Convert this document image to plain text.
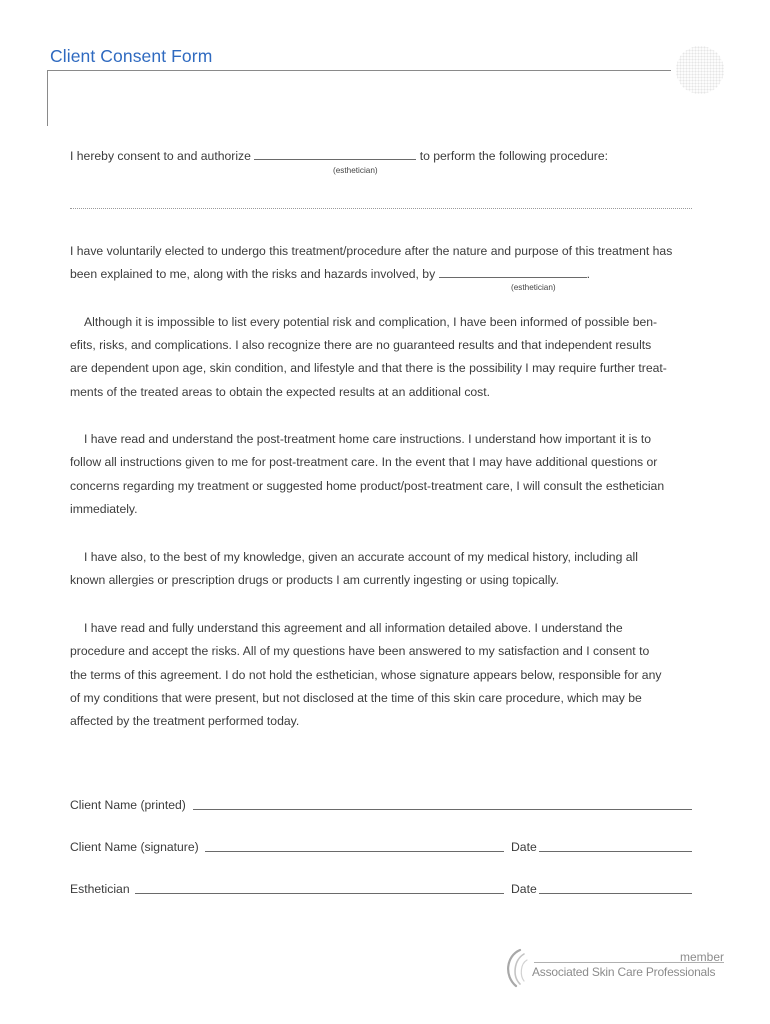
Client Consent Form
I hereby consent to and authorize	to perform the following procedure:
(esthetician)
I have voluntarily elected to undergo this treatment/procedure after the nature and purpose of this treatment has
been explained to me, along with the risks and hazards involved, by	.
(esthetician)
Although it is impossible to list every potential risk and complication, I have been informed of possible ben-
efits, risks, and complications. I also recognize there are no guaranteed results and that independent results
are dependent upon age, skin condition, and lifestyle and that there is the possibility I may require further treat-
ments of the treated areas to obtain the expected results at an additional cost.
I have read and understand the post-treatment home care instructions. I understand how important it is to
follow all instructions given to me for post-treatment care. In the event that I may have additional questions or
concerns regarding my treatment or suggested home product/post-treatment care, I will consult the esthetician
immediately.
I have also, to the best of my knowledge, given an accurate account of my medical history, including all
known allergies or prescription drugs or products I am currently ingesting or using topically.
I have read and fully understand this agreement and all information detailed above. I understand the
procedure and accept the risks. All of my questions have been answered to my satisfaction and I consent to
the terms of this agreement. I do not hold the esthetician, whose signature appears below, responsible for any
of my conditions that were present, but not disclosed at the time of this skin care procedure, which may be
affected by the treatment performed today.
Client Name (printed)
Client Name (signature)	Date
Esthetician	Date
member
Associated Skin Care Professionals
